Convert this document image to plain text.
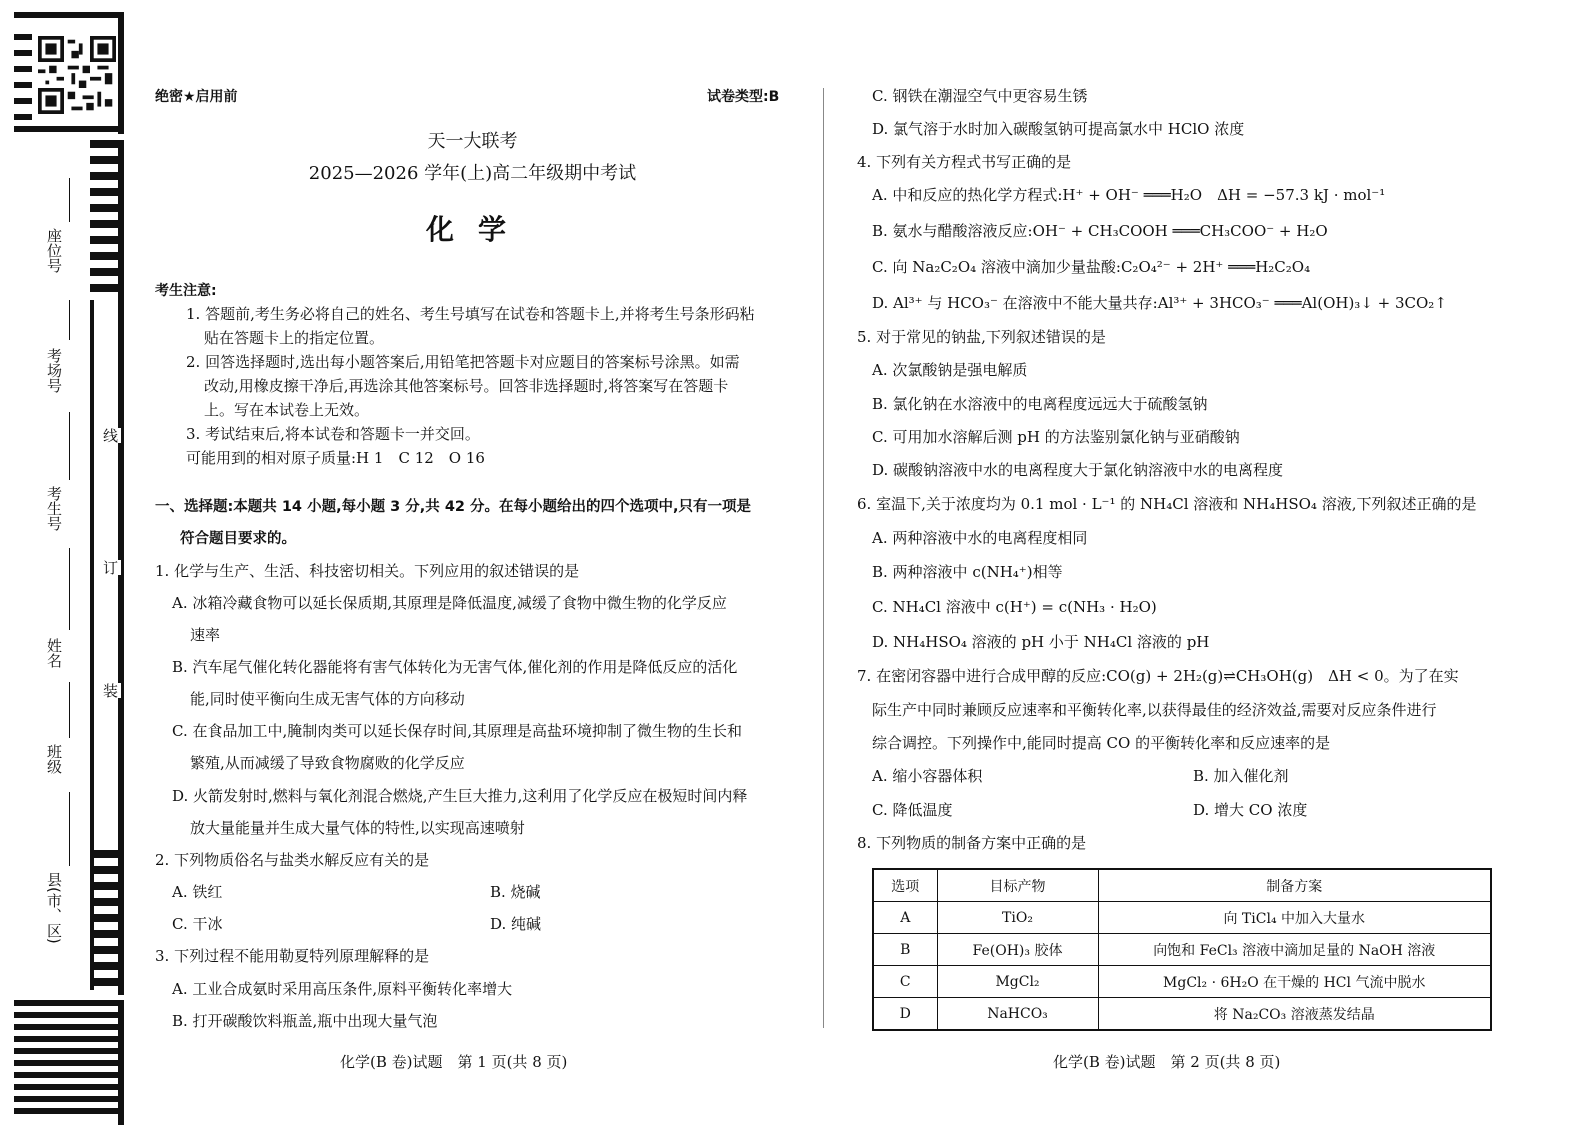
座位号
考场号
考生号
姓名
班级
县(市、区)
线
订
装
绝密★启用前	试卷类型:B
天一大联考
2025—2026 学年(上)高二年级期中考试
化学
考生注意:
1. 答题前,考生务必将自己的姓名、考生号填写在试卷和答题卡上,并将考生号条形码粘
贴在答题卡上的指定位置。
2. 回答选择题时,选出每小题答案后,用铅笔把答题卡对应题目的答案标号涂黑。如需
改动,用橡皮擦干净后,再选涂其他答案标号。回答非选择题时,将答案写在答题卡
上。写在本试卷上无效。
3. 考试结束后,将本试卷和答题卡一并交回。
可能用到的相对原子质量:H 1　C 12　O 16
一、选择题:本题共 14 小题,每小题 3 分,共 42 分。在每小题给出的四个选项中,只有一项是
符合题目要求的。
1. 化学与生产、生活、科技密切相关。下列应用的叙述错误的是
A. 冰箱冷藏食物可以延长保质期,其原理是降低温度,减缓了食物中微生物的化学反应
速率
B. 汽车尾气催化转化器能将有害气体转化为无害气体,催化剂的作用是降低反应的活化
能,同时使平衡向生成无害气体的方向移动
C. 在食品加工中,腌制肉类可以延长保存时间,其原理是高盐环境抑制了微生物的生长和
繁殖,从而减缓了导致食物腐败的化学反应
D. 火箭发射时,燃料与氧化剂混合燃烧,产生巨大推力,这利用了化学反应在极短时间内释
放大量能量并生成大量气体的特性,以实现高速喷射
2. 下列物质俗名与盐类水解反应有关的是
A. 铁红	B. 烧碱
C. 干冰	D. 纯碱
3. 下列过程不能用勒夏特列原理解释的是
A. 工业合成氨时采用高压条件,原料平衡转化率增大
B. 打开碳酸饮料瓶盖,瓶中出现大量气泡
化学(B 卷)试题　第 1 页(共 8 页)
C. 钢铁在潮湿空气中更容易生锈
D. 氯气溶于水时加入碳酸氢钠可提高氯水中 HClO 浓度
4. 下列有关方程式书写正确的是
A. 中和反应的热化学方程式:H⁺ + OH⁻ ═══H₂O　ΔH = −57.3 kJ · mol⁻¹
B. 氨水与醋酸溶液反应:OH⁻ + CH₃COOH ═══CH₃COO⁻ + H₂O
C. 向 Na₂C₂O₄ 溶液中滴加少量盐酸:C₂O₄²⁻ + 2H⁺ ═══H₂C₂O₄
D. Al³⁺ 与 HCO₃⁻ 在溶液中不能大量共存:Al³⁺ + 3HCO₃⁻ ═══Al(OH)₃↓ + 3CO₂↑
5. 对于常见的钠盐,下列叙述错误的是
A. 次氯酸钠是强电解质
B. 氯化钠在水溶液中的电离程度远远大于硫酸氢钠
C. 可用加水溶解后测 pH 的方法鉴别氯化钠与亚硝酸钠
D. 碳酸钠溶液中水的电离程度大于氯化钠溶液中水的电离程度
6. 室温下,关于浓度均为 0.1 mol · L⁻¹ 的 NH₄Cl 溶液和 NH₄HSO₄ 溶液,下列叙述正确的是
A. 两种溶液中水的电离程度相同
B. 两种溶液中 c(NH₄⁺)相等
C. NH₄Cl 溶液中 c(H⁺) = c(NH₃ · H₂O)
D. NH₄HSO₄ 溶液的 pH 小于 NH₄Cl 溶液的 pH
7. 在密闭容器中进行合成甲醇的反应:CO(g) + 2H₂(g)⇌CH₃OH(g)　ΔH < 0。为了在实
际生产中同时兼顾反应速率和平衡转化率,以获得最佳的经济效益,需要对反应条件进行
综合调控。下列操作中,能同时提高 CO 的平衡转化率和反应速率的是
A. 缩小容器体积	B. 加入催化剂
C. 降低温度	D. 增大 CO 浓度
8. 下列物质的制备方案中正确的是
选项	目标产物	制备方案
A	TiO₂	向 TiCl₄ 中加入大量水
B	Fe(OH)₃ 胶体	向饱和 FeCl₃ 溶液中滴加足量的 NaOH 溶液
C	MgCl₂	MgCl₂ · 6H₂O 在干燥的 HCl 气流中脱水
D	NaHCO₃	将 Na₂CO₃ 溶液蒸发结晶
化学(B 卷)试题　第 2 页(共 8 页)
